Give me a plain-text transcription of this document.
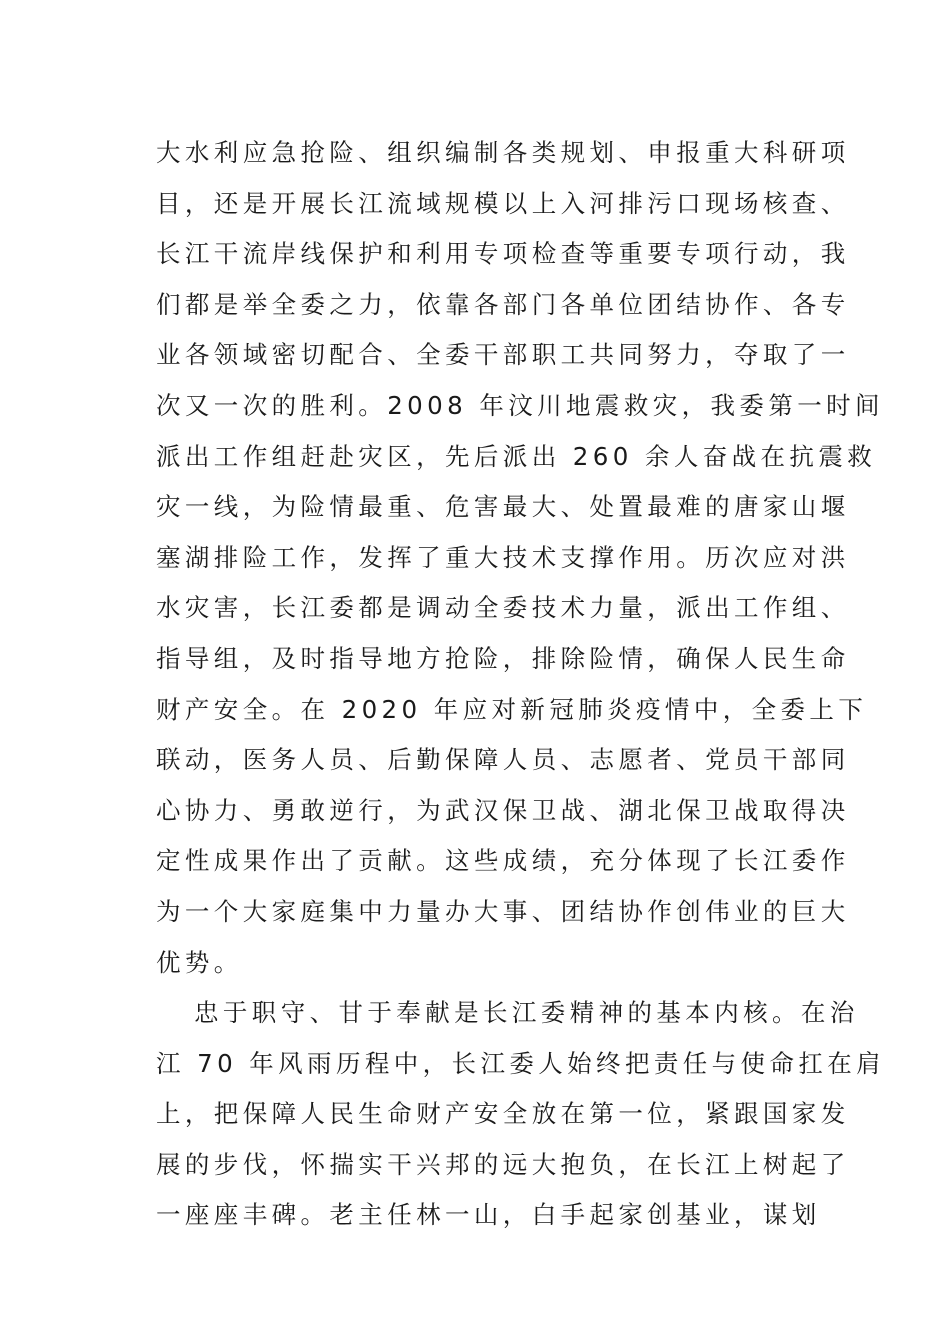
大水利应急抢险、组织编制各类规划、申报重大科研项
目，还是开展长江流域规模以上入河排污口现场核查、
长江干流岸线保护和利用专项检查等重要专项行动，我
们都是举全委之力，依靠各部门各单位团结协作、各专
业各领域密切配合、全委干部职工共同努力，夺取了一
次又一次的胜利。2008 年汶川地震救灾，我委第一时间
派出工作组赶赴灾区，先后派出 260 余人奋战在抗震救
灾一线，为险情最重、危害最大、处置最难的唐家山堰
塞湖排险工作，发挥了重大技术支撑作用。历次应对洪
水灾害，长江委都是调动全委技术力量，派出工作组、
指导组，及时指导地方抢险，排除险情，确保人民生命
财产安全。在 2020 年应对新冠肺炎疫情中，全委上下
联动，医务人员、后勤保障人员、志愿者、党员干部同
心协力、勇敢逆行，为武汉保卫战、湖北保卫战取得决
定性成果作出了贡献。这些成绩，充分体现了长江委作
为一个大家庭集中力量办大事、团结协作创伟业的巨大
优势。
忠于职守、甘于奉献是长江委精神的基本内核。在治
江 70 年风雨历程中，长江委人始终把责任与使命扛在肩
上，把保障人民生命财产安全放在第一位，紧跟国家发
展的步伐，怀揣实干兴邦的远大抱负，在长江上树起了
一座座丰碑。老主任林一山，白手起家创基业，谋划
